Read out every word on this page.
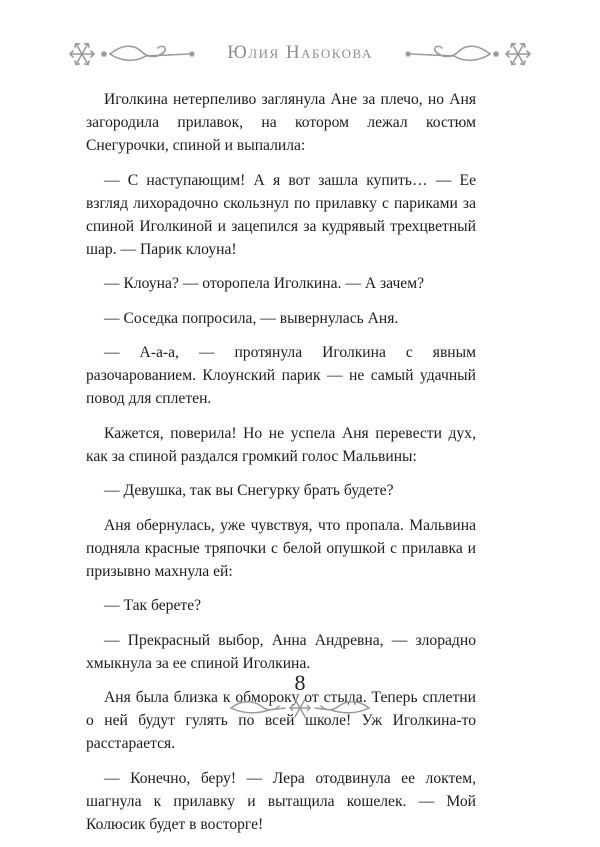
Юлия Набокова

Иголкина нетерпеливо заглянула Ане за плечо, но Аня загородила прилавок, на котором лежал костюм Снегурочки, спиной и выпалила:

— С наступающим! А я вот зашла купить… — Ее взгляд лихорадочно скользнул по прилавку с париками за спиной Иголкиной и зацепился за кудрявый трехцветный шар. — Парик клоуна!

— Клоуна? — оторопела Иголкина. — А зачем?

— Соседка попросила, — вывернулась Аня.

— А-а-а, — протянула Иголкина с явным разочарованием. Клоунский парик — не самый удачный повод для сплетен.

Кажется, поверила! Но не успела Аня перевести дух, как за спиной раздался громкий голос Мальвины:

— Девушка, так вы Снегурку брать будете?

Аня обернулась, уже чувствуя, что пропала. Мальвина подняла красные тряпочки с белой опушкой с прилавка и призывно махнула ей:

— Так берете?

— Прекрасный выбор, Анна Андревна, — злорадно хмыкнула за ее спиной Иголкина.

Аня была близка к обмороку от стыда. Теперь сплетни о ней будут гулять по всей школе! Уж Иголкина-то расстарается.

— Конечно, беру! — Лера отодвинула ее локтем, шагнула к прилавку и вытащила кошелек. — Мой Колюсик будет в восторге!

8
